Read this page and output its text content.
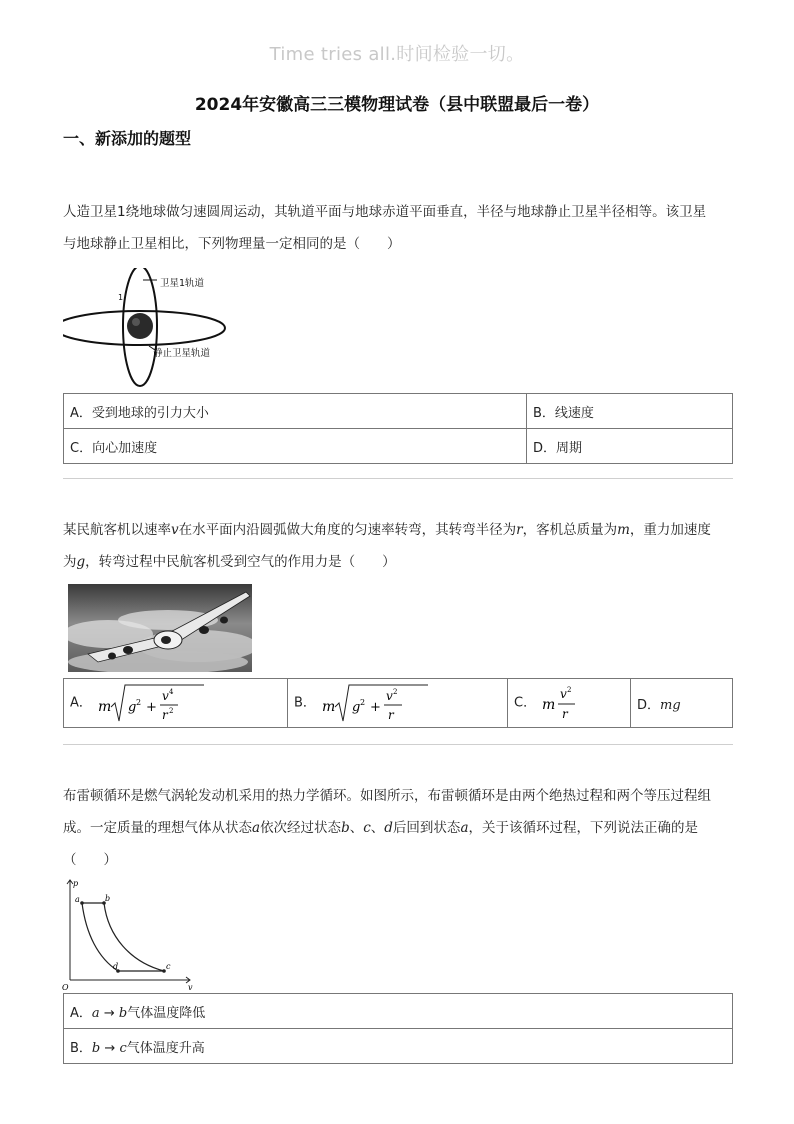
Time tries all.时间检验一切。
2024年安徽高三三模物理试卷（县中联盟最后一卷）
一、新添加的题型
人造卫星1绕地球做匀速圆周运动，其轨道平面与地球赤道平面垂直，半径与地球静止卫星半径相等。该卫星
与地球静止卫星相比，下列物理量一定相同的是（　　）
卫星1轨道
静止卫星轨道
1
A．受到地球的引力大小	B．线速度
C．向心加速度	D．周期
某民航客机以速率v在水平面内沿圆弧做大角度的匀速率转弯，其转弯半径为r，客机总质量为m，重力加速度
为g，转弯过程中民航客机受到空气的作用力是（　　）
A． m g 2 +
v 4
r 2
	B． m g 2 +
v 2
r
	C． m
v 2
r
	D．mg
布雷顿循环是燃气涡轮发动机采用的热力学循环。如图所示，布雷顿循环是由两个绝热过程和两个等压过程组
成。一定质量的理想气体从状态a依次经过状态b、c、d后回到状态a，关于该循环过程，下列说法正确的是
（　　）
p
v
O
a	b
c
d
A．a → b气体温度降低
B．b → c气体温度升高
